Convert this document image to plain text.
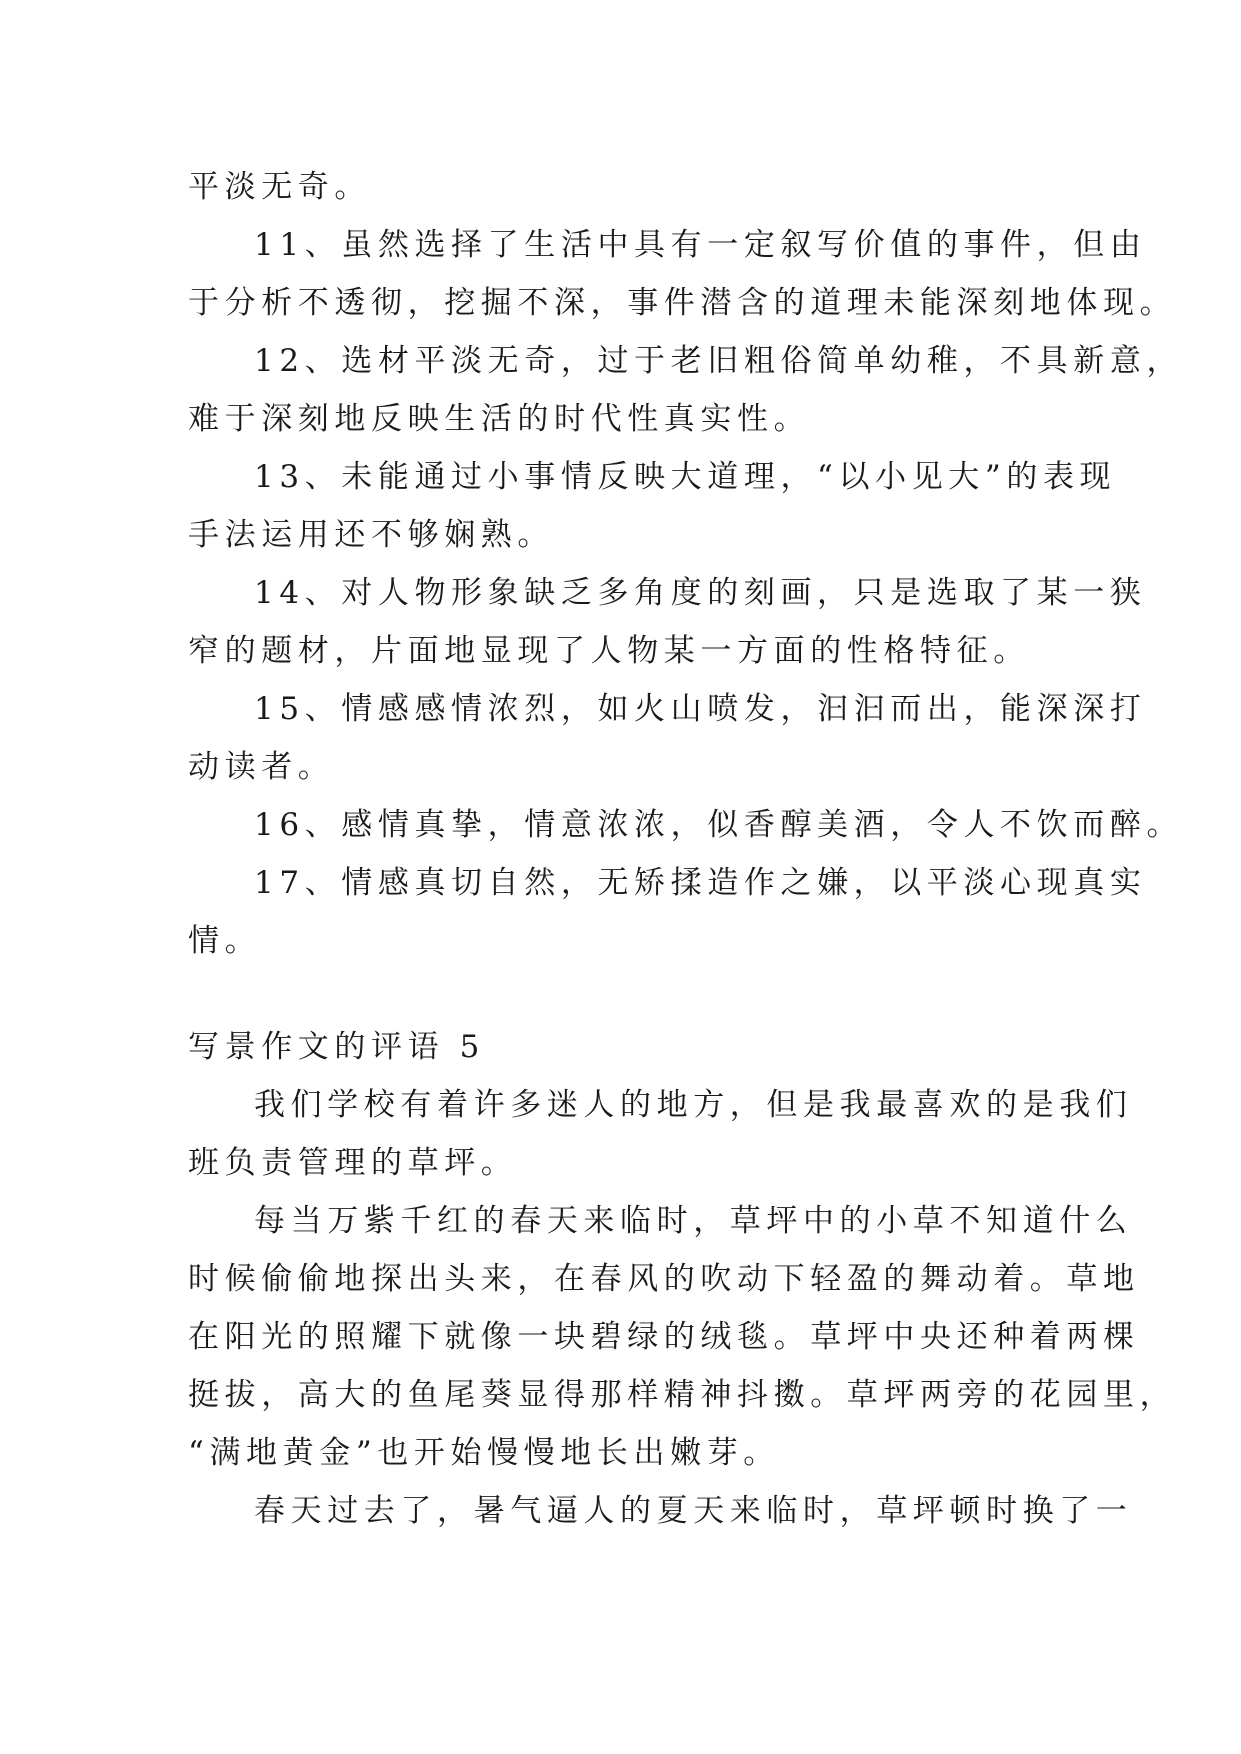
平淡无奇。
11、虽然选择了生活中具有一定叙写价值的事件，但由
于分析不透彻，挖掘不深，事件潜含的道理未能深刻地体现。
12、选材平淡无奇，过于老旧粗俗简单幼稚，不具新意，
难于深刻地反映生活的时代性真实性。
13、未能通过小事情反映大道理，“以小见大”的表现
手法运用还不够娴熟。
14、对人物形象缺乏多角度的刻画，只是选取了某一狭
窄的题材，片面地显现了人物某一方面的性格特征。
15、情感感情浓烈，如火山喷发，汩汩而出，能深深打
动读者。
16、感情真挚，情意浓浓，似香醇美酒，令人不饮而醉。
17、情感真切自然，无矫揉造作之嫌，以平淡心现真实
情。
写景作文的评语 5
我们学校有着许多迷人的地方，但是我最喜欢的是我们
班负责管理的草坪。
每当万紫千红的春天来临时，草坪中的小草不知道什么
时候偷偷地探出头来，在春风的吹动下轻盈的舞动着。草地
在阳光的照耀下就像一块碧绿的绒毯。草坪中央还种着两棵
挺拔，高大的鱼尾葵显得那样精神抖擞。草坪两旁的花园里，
“满地黄金”也开始慢慢地长出嫩芽。
春天过去了，暑气逼人的夏天来临时，草坪顿时换了一
